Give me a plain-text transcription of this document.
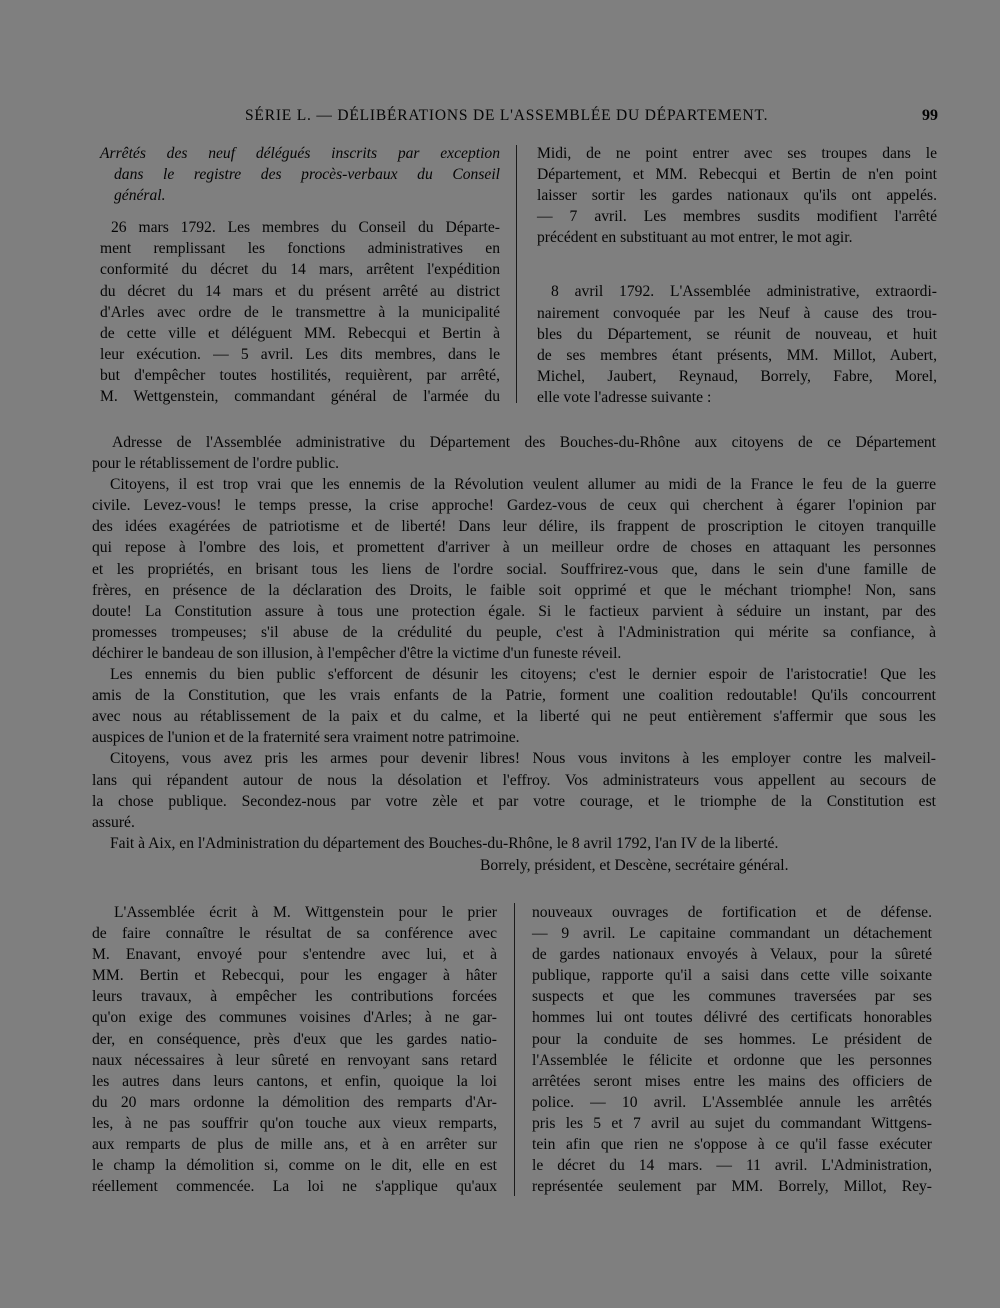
SÉRIE L. — DÉLIBÉRATIONS DE L'ASSEMBLÉE DU DÉPARTEMENT.	99
Arrêtés des neuf délégués inscrits par exception
dans le registre des procès-verbaux du Conseil
général.
26 mars 1792. Les membres du Conseil du Départe-
ment remplissant les fonctions administratives en
conformité du décret du 14 mars, arrêtent l'expédition
du décret du 14 mars et du présent arrêté au district
d'Arles avec ordre de le transmettre à la municipalité
de cette ville et déléguent MM. Rebecqui et Bertin à
leur exécution. — 5 avril. Les dits membres, dans le
but d'empêcher toutes hostilités, requièrent, par arrêté,
M. Wettgenstein, commandant général de l'armée du
Midi, de ne point entrer avec ses troupes dans le
Département, et MM. Rebecqui et Bertin de n'en point
laisser sortir les gardes nationaux qu'ils ont appelés.
— 7 avril. Les membres susdits modifient l'arrêté
précédent en substituant au mot entrer, le mot agir.
8 avril 1792. L'Assemblée administrative, extraordi-
nairement convoquée par les Neuf à cause des trou-
bles du Département, se réunit de nouveau, et huit
de ses membres étant présents, MM. Millot, Aubert,
Michel, Jaubert, Reynaud, Borrely, Fabre, Morel,
elle vote l'adresse suivante :
Adresse de l'Assemblée administrative du Département des Bouches-du-Rhône aux citoyens de ce Département
pour le rétablissement de l'ordre public.
Citoyens, il est trop vrai que les ennemis de la Révolution veulent allumer au midi de la France le feu de la guerre
civile. Levez-vous! le temps presse, la crise approche! Gardez-vous de ceux qui cherchent à égarer l'opinion par
des idées exagérées de patriotisme et de liberté! Dans leur délire, ils frappent de proscription le citoyen tranquille
qui repose à l'ombre des lois, et promettent d'arriver à un meilleur ordre de choses en attaquant les personnes
et les propriétés, en brisant tous les liens de l'ordre social. Souffrirez-vous que, dans le sein d'une famille de
frères, en présence de la déclaration des Droits, le faible soit opprimé et que le méchant triomphe! Non, sans
doute! La Constitution assure à tous une protection égale. Si le factieux parvient à séduire un instant, par des
promesses trompeuses; s'il abuse de la crédulité du peuple, c'est à l'Administration qui mérite sa confiance, à
déchirer le bandeau de son illusion, à l'empêcher d'être la victime d'un funeste réveil.
Les ennemis du bien public s'efforcent de désunir les citoyens; c'est le dernier espoir de l'aristocratie! Que les
amis de la Constitution, que les vrais enfants de la Patrie, forment une coalition redoutable! Qu'ils concourrent
avec nous au rétablissement de la paix et du calme, et la liberté qui ne peut entièrement s'affermir que sous les
auspices de l'union et de la fraternité sera vraiment notre patrimoine.
Citoyens, vous avez pris les armes pour devenir libres! Nous vous invitons à les employer contre les malveil-
lans qui répandent autour de nous la désolation et l'effroy. Vos administrateurs vous appellent au secours de
la chose publique. Secondez-nous par votre zèle et par votre courage, et le triomphe de la Constitution est
assuré.
Fait à Aix, en l'Administration du département des Bouches-du-Rhône, le 8 avril 1792, l'an IV de la liberté.
Borrely, président, et Descène, secrétaire général.
L'Assemblée écrit à M. Wittgenstein pour le prier
de faire connaître le résultat de sa conférence avec
M. Enavant, envoyé pour s'entendre avec lui, et à
MM. Bertin et Rebecqui, pour les engager à hâter
leurs travaux, à empêcher les contributions forcées
qu'on exige des communes voisines d'Arles; à ne gar-
der, en conséquence, près d'eux que les gardes natio-
naux nécessaires à leur sûreté en renvoyant sans retard
les autres dans leurs cantons, et enfin, quoique la loi
du 20 mars ordonne la démolition des remparts d'Ar-
les, à ne pas souffrir qu'on touche aux vieux remparts,
aux remparts de plus de mille ans, et à en arrêter sur
le champ la démolition si, comme on le dit, elle en est
réellement commencée. La loi ne s'applique qu'aux
nouveaux ouvrages de fortification et de défense.
— 9 avril. Le capitaine commandant un détachement
de gardes nationaux envoyés à Velaux, pour la sûreté
publique, rapporte qu'il a saisi dans cette ville soixante
suspects et que les communes traversées par ses
hommes lui ont toutes délivré des certificats honorables
pour la conduite de ses hommes. Le président de
l'Assemblée le félicite et ordonne que les personnes
arrêtées seront mises entre les mains des officiers de
police. — 10 avril. L'Assemblée annule les arrêtés
pris les 5 et 7 avril au sujet du commandant Wittgens-
tein afin que rien ne s'oppose à ce qu'il fasse exécuter
le décret du 14 mars. — 11 avril. L'Administration,
représentée seulement par MM. Borrely, Millot, Rey-
